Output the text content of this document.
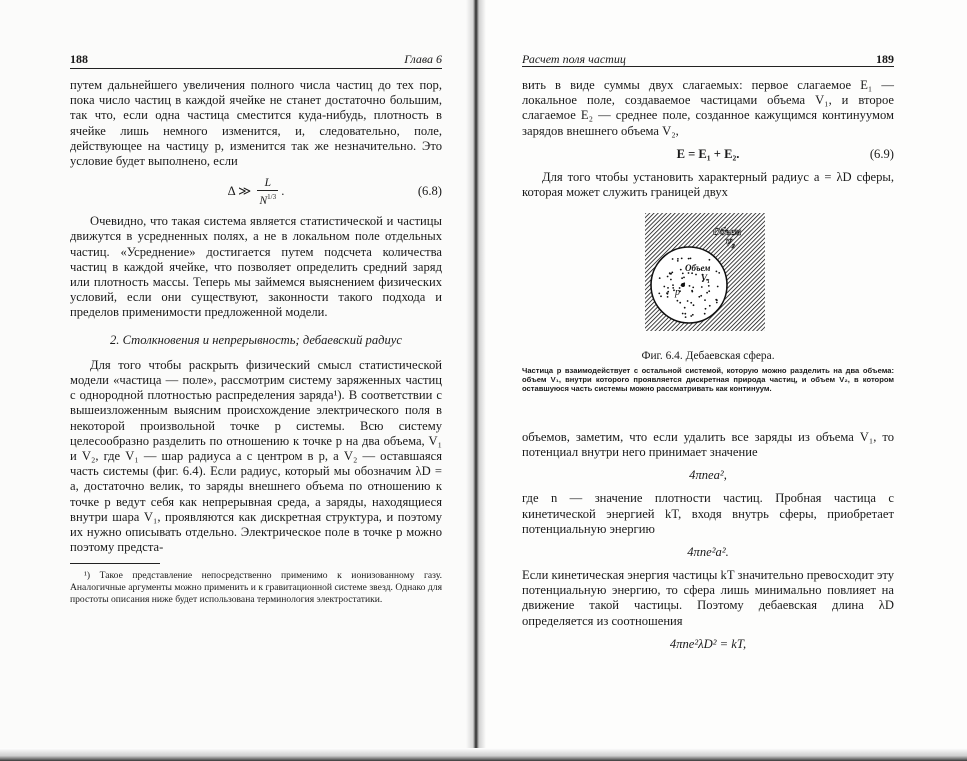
188	Глава 6

путем дальнейшего увеличения полного числа частиц до тех пор, пока число частиц в каждой ячейке не станет достаточно большим, так что, если одна частица сместится куда-нибудь, плотность в ячейке лишь немного изменится, и, следовательно, поле, действующее на частицу p, изменится так же незначительно. Это условие будет выполнено, если

Δ ≫ $\frac{L}{N^{1/3}}$ .	(6.8)

Очевидно, что такая система является статистической и частицы движутся в усредненных полях, а не в локальном поле отдельных частиц. «Усреднение» достигается путем подсчета количества частиц в каждой ячейке, что позволяет определить средний заряд или плотность массы. Теперь мы займемся выяснением физических условий, если они существуют, законности такого подхода и пределов применимости предложенной модели.

2. Столкновения и непрерывность; дебаевский радиус

Для того чтобы раскрыть физический смысл статистической модели «частица — поле», рассмотрим систему заряженных частиц с однородной плотностью распределения заряда¹). В соответствии с вышеизложенным выясним происхождение электрического поля в некоторой произвольной точке p системы. Всю систему целесообразно разделить по отношению к точке p на два объема, V₁ и V₂, где V₁ — шар радиуса a с центром в p, а V₂ — оставшаяся часть системы (фиг. 6.4). Если радиус, который мы обозначим λD = a, достаточно велик, то заряды внешнего объема по отношению к точке p ведут себя как непрерывная среда, а заряды, находящиеся внутри шара V₁, проявляются как дискретная структура, и поэтому их нужно описывать отдельно. Электрическое поле в точке p можно поэтому предста-

¹) Такое представление непосредственно применимо к ионизованному газу. Аналогичные аргументы можно применить и к гравитационной системе звезд. Однако для простоты описания ниже будет использована терминология электростатики.
Расчет поля частиц	189

вить в виде суммы двух слагаемых: первое слагаемое E₁ — локальное поле, создаваемое частицами объема V₁, и второе слагаемое E₂ — среднее поле, созданное кажущимся континуумом зарядов внешнего объема V₂,

E = E₁ + E₂.	(6.9)

Для того чтобы установить характерный радиус a = λD сферы, которая может служить границей двух

Объем
V₂
Объем
V₁
p
Фиг. 6.4. Дебаевская сфера.
Частица p взаимодействует с остальной системой, которую можно разделить на два объема: объем V₁, внутри которого проявляется дискретная природа частиц, и объем V₂, в котором оставшуюся часть системы можно рассматривать как континуум.

объемов, заметим, что если удалить все заряды из объема V₁, то потенциал внутри него принимает значение

4πnea²,

где n — значение плотности частиц. Пробная частица с кинетической энергией kT, входя внутрь сферы, приобретает потенциальную энергию

4πne²a².

Если кинетическая энергия частицы kT значительно превосходит эту потенциальную энергию, то сфера лишь минимально повлияет на движение такой частицы. Поэтому дебаевская длина λD определяется из соотношения

4πne²λD² = kT,
